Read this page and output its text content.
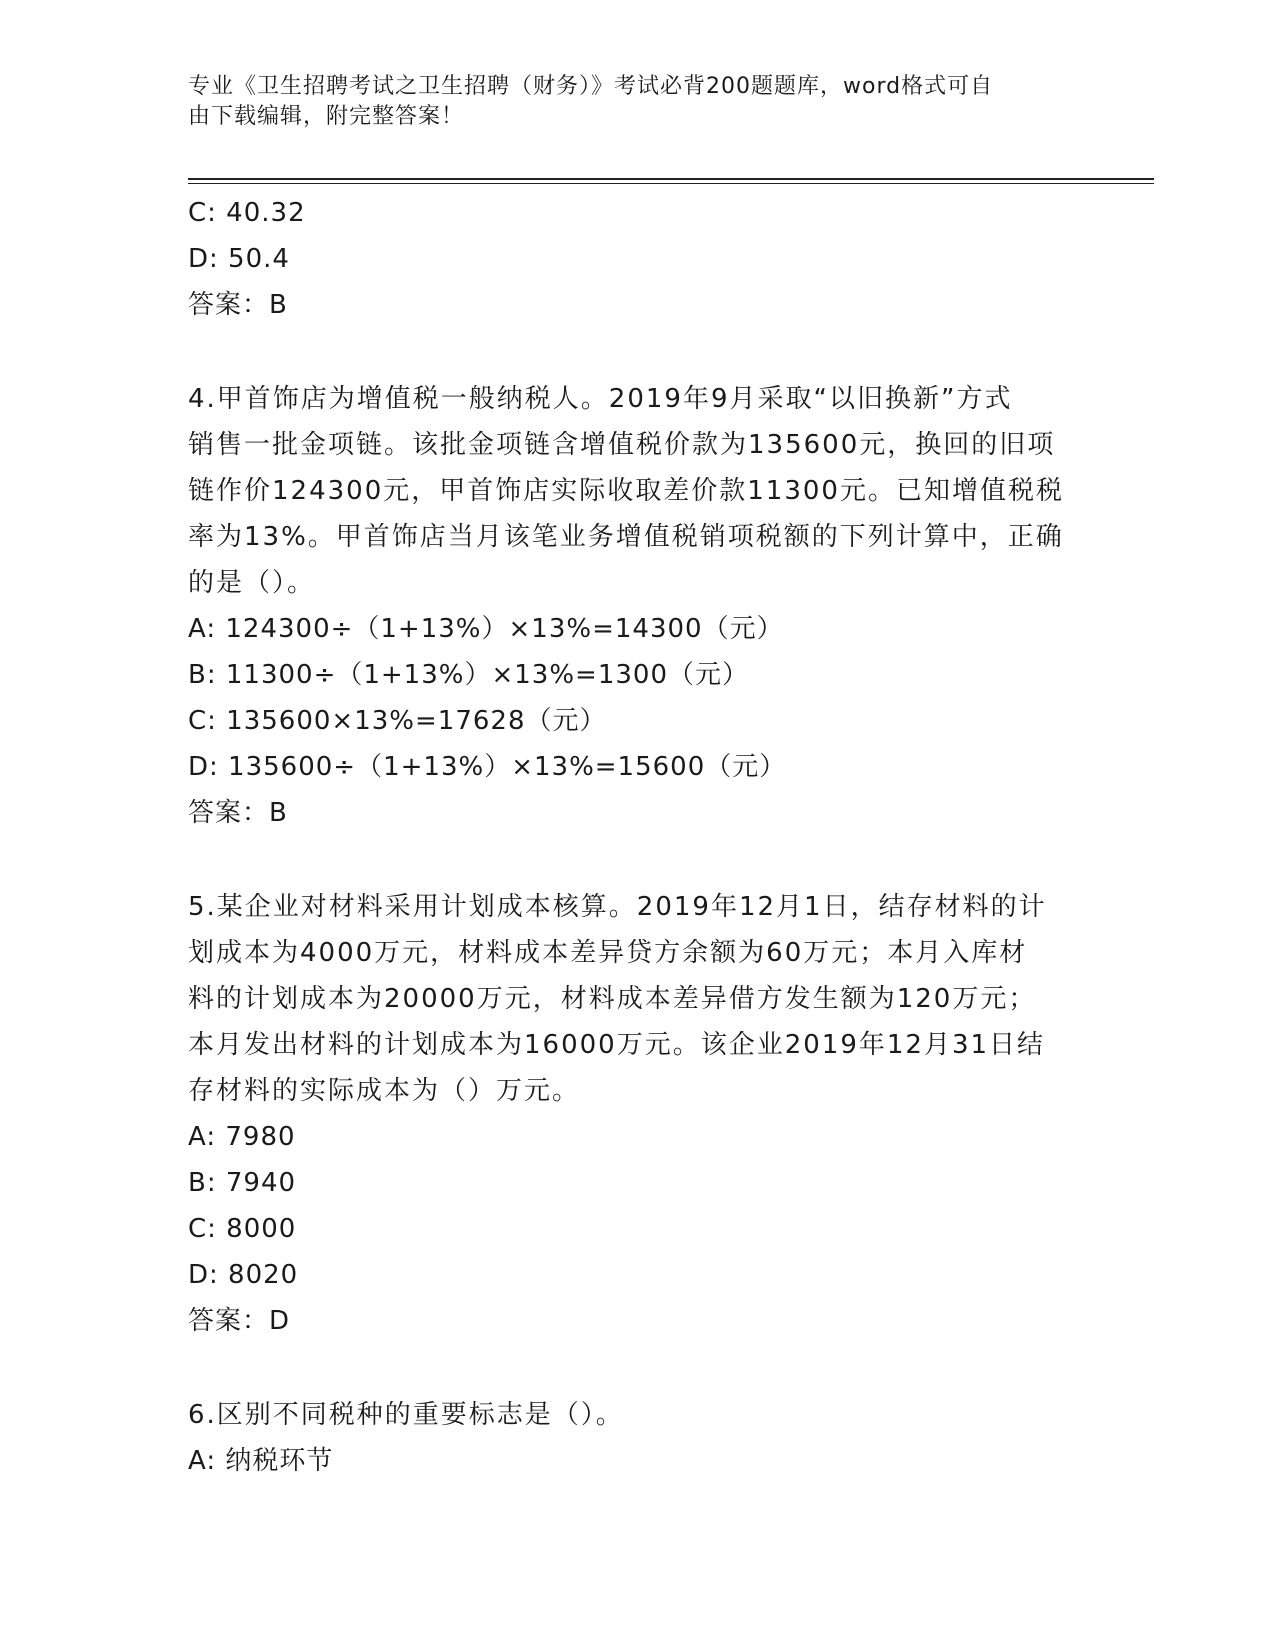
专业《卫生招聘考试之卫生招聘（财务）》考试必背200题题库，word格式可自
由下载编辑，附完整答案！
C: 40.32
D: 50.4
答案：B
4.甲首饰店为增值税一般纳税人。2019年9月采取“以旧换新”方式
销售一批金项链。该批金项链含增值税价款为135600元，换回的旧项
链作价124300元，甲首饰店实际收取差价款11300元。已知增值税税
率为13%。甲首饰店当月该笔业务增值税销项税额的下列计算中，正确
的是（）。
A: 124300÷（1+13%）×13%=14300（元）
B: 11300÷（1+13%）×13%=1300（元）
C: 135600×13%=17628（元）
D: 135600÷（1+13%）×13%=15600（元）
答案：B
5.某企业对材料采用计划成本核算。2019年12月1日，结存材料的计
划成本为4000万元，材料成本差异贷方余额为60万元；本月入库材
料的计划成本为20000万元，材料成本差异借方发生额为120万元；
本月发出材料的计划成本为16000万元。该企业2019年12月31日结
存材料的实际成本为（）万元。
A: 7980
B: 7940
C: 8000
D: 8020
答案：D
6.区别不同税种的重要标志是（）。
A: 纳税环节
